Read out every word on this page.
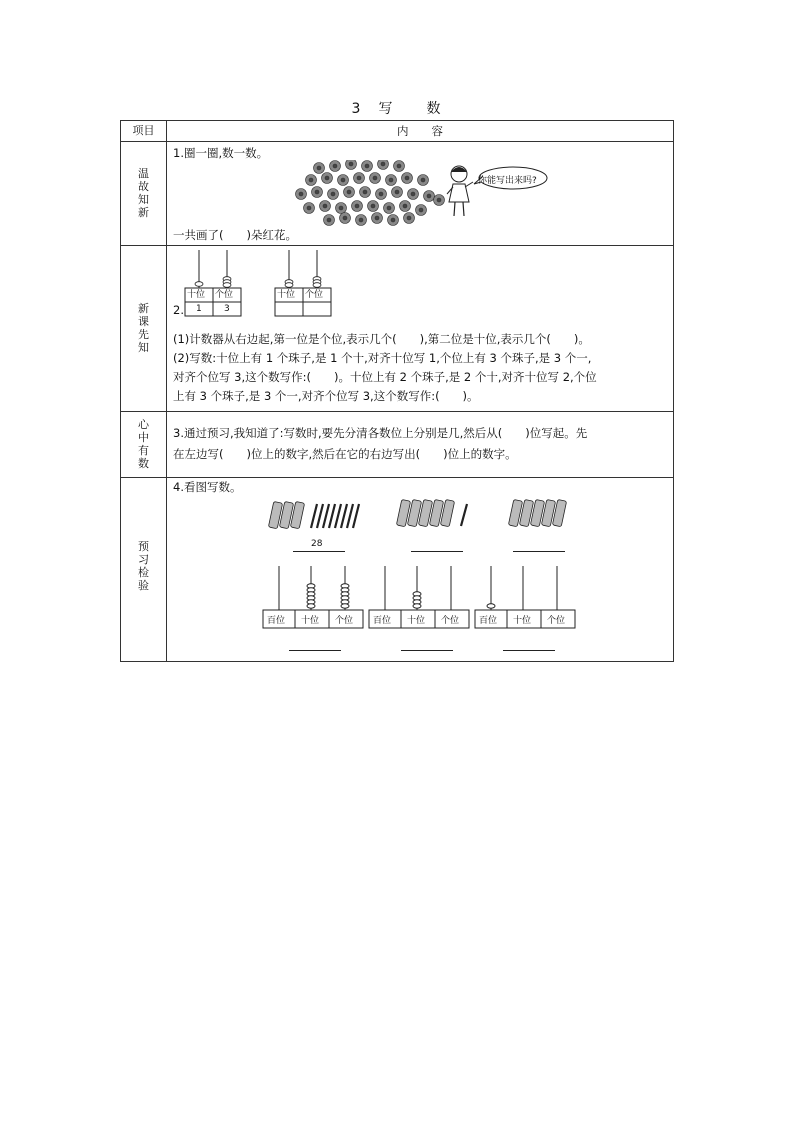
3　写　　数
项目	内　　容
温
故
知
新
1.圈一圈,数一数。
你能写出来吗?
一共画了(　　)朵红花。
新
课
先
知
2.
十位 个位
1 3
十位 个位
(1)计数器从右边起,第一位是个位,表示几个(　　),第二位是十位,表示几个(　　)。
(2)写数:十位上有 1 个珠子,是 1 个十,对齐十位写 1,个位上有 3 个珠子,是 3 个一,
对齐个位写 3,这个数写作:(　　)。十位上有 2 个珠子,是 2 个十,对齐十位写 2,个位
上有 3 个珠子,是 3 个一,对齐个位写 3,这个数写作:(　　)。
心
中
有
数
3.通过预习,我知道了:写数时,要先分清各数位上分别是几,然后从(　　)位写起。先
在左边写(　　)位上的数字,然后在它的右边写出(　　)位上的数字。
预
习
检
验
4.看图写数。
28
百位 十位 个位 百位 十位 个位 百位 十位 个位
